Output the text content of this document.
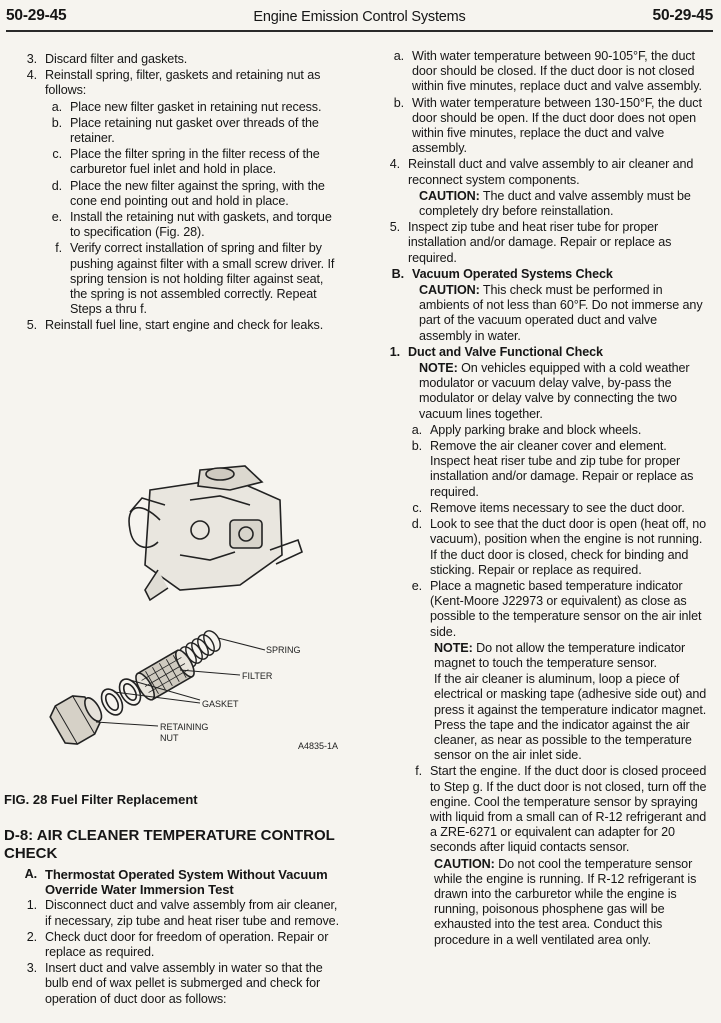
50-29-45	Engine Emission Control Systems	50-29-45
3. Discard filter and gaskets.
4. Reinstall spring, filter, gaskets and retaining nut as follows:
a. Place new filter gasket in retaining nut recess.
b. Place retaining nut gasket over threads of the retainer.
c. Place the filter spring in the filter recess of the carburetor fuel inlet and hold in place.
d. Place the new filter against the spring, with the cone end pointing out and hold in place.
e. Install the retaining nut with gaskets, and torque to specification (Fig. 28).
f. Verify correct installation of spring and filter by pushing against filter with a small screw driver. If spring tension is not holding filter against seat, the spring is not assembled correctly. Repeat Steps a thru f.
5. Reinstall fuel line, start engine and check for leaks.
SPRING
FILTER
GASKET
RETAINING
NUT
A4835-1A
FIG. 28 Fuel Filter Replacement
D-8: AIR CLEANER TEMPERATURE CONTROL CHECK
A. Thermostat Operated System Without Vacuum Override Water Immersion Test
1. Disconnect duct and valve assembly from air cleaner, if necessary, zip tube and heat riser tube and remove.
2. Check duct door for freedom of operation. Repair or replace as required.
3. Insert duct and valve assembly in water so that the bulb end of wax pellet is submerged and check for operation of duct door as follows:
a. With water temperature between 90-105°F, the duct door should be closed. If the duct door is not closed within five minutes, replace duct and valve assembly.
b. With water temperature between 130-150°F, the duct door should be open. If the duct door does not open within five minutes, replace the duct and valve assembly.
4. Reinstall duct and valve assembly to air cleaner and reconnect system components.
CAUTION: The duct and valve assembly must be completely dry before reinstallation.
5. Inspect zip tube and heat riser tube for proper installation and/or damage. Repair or replace as required.
B. Vacuum Operated Systems Check
CAUTION: This check must be performed in ambients of not less than 60°F. Do not immerse any part of the vacuum operated duct and valve assembly in water.
1. Duct and Valve Functional Check
NOTE: On vehicles equipped with a cold weather modulator or vacuum delay valve, by-pass the modulator or delay valve by connecting the two vacuum lines together.
a. Apply parking brake and block wheels.
b. Remove the air cleaner cover and element. Inspect heat riser tube and zip tube for proper installation and/or damage. Repair or replace as required.
c. Remove items necessary to see the duct door.
d. Look to see that the duct door is open (heat off, no vacuum), position when the engine is not running. If the duct door is closed, check for binding and sticking. Repair or replace as required.
e. Place a magnetic based temperature indicator (Kent-Moore J22973 or equivalent) as close as possible to the temperature sensor on the air inlet side.
NOTE: Do not allow the temperature indicator magnet to touch the temperature sensor.
If the air cleaner is aluminum, loop a piece of electrical or masking tape (adhesive side out) and press it against the temperature indicator magnet. Press the tape and the indicator against the air cleaner, as near as possible to the temperature sensor on the air inlet side.
f. Start the engine. If the duct door is closed proceed to Step g. If the duct door is not closed, turn off the engine. Cool the temperature sensor by spraying with liquid from a small can of R-12 refrigerant and a ZRE-6271 or equivalent can adapter for 20 seconds after liquid contacts sensor.
CAUTION: Do not cool the temperature sensor while the engine is running. If R-12 refrigerant is drawn into the carburetor while the engine is running, poisonous phosphene gas will be exhausted into the test area. Conduct this procedure in a well ventilated area only.
